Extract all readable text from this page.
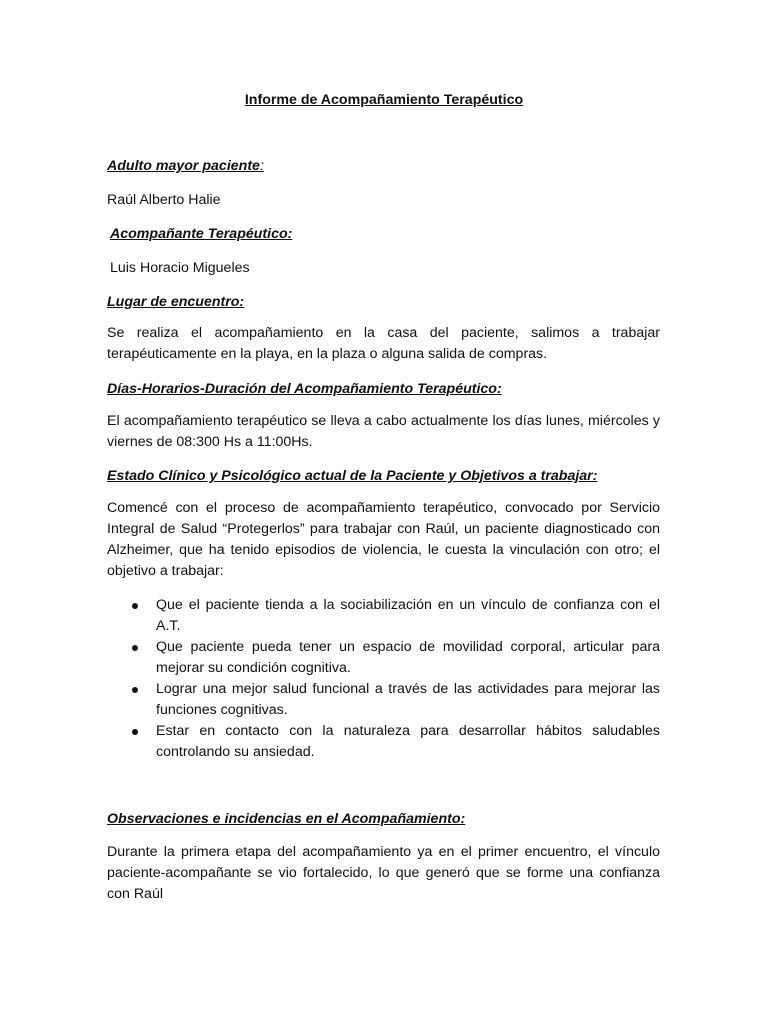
Informe de Acompañamiento Terapéutico

Adulto mayor paciente:

Raúl Alberto Halie

Acompañante Terapéutico:

Luis Horacio Migueles

Lugar de encuentro:

Se realiza el acompañamiento en la casa del paciente, salimos a trabajar terapéuticamente en la playa, en la plaza o alguna salida de compras.

Días-Horarios-Duración del Acompañamiento Terapéutico:

El acompañamiento terapéutico se lleva a cabo actualmente los días lunes, miércoles y viernes de 08:300 Hs a 11:00Hs.

Estado Clínico y Psicológico actual de la Paciente y Objetivos a trabajar:

Comencé con el proceso de acompañamiento terapéutico, convocado por Servicio Integral de Salud “Protegerlos” para trabajar con Raúl, un paciente diagnosticado con Alzheimer, que ha tenido episodios de violencia, le cuesta la vinculación con otro; el objetivo a trabajar:

Que el paciente tienda a la sociabilización en un vínculo de confianza con el A.T.
Que paciente pueda tener un espacio de movilidad corporal, articular para mejorar su condición cognitiva.
Lograr una mejor salud funcional a través de las actividades para mejorar las funciones cognitivas.
Estar en contacto con la naturaleza para desarrollar hábitos saludables controlando su ansiedad.

Observaciones e incidencias en el Acompañamiento:

Durante la primera etapa del acompañamiento ya en el primer encuentro, el vínculo paciente-acompañante se vio fortalecido, lo que generó que se forme una confianza con Raúl
